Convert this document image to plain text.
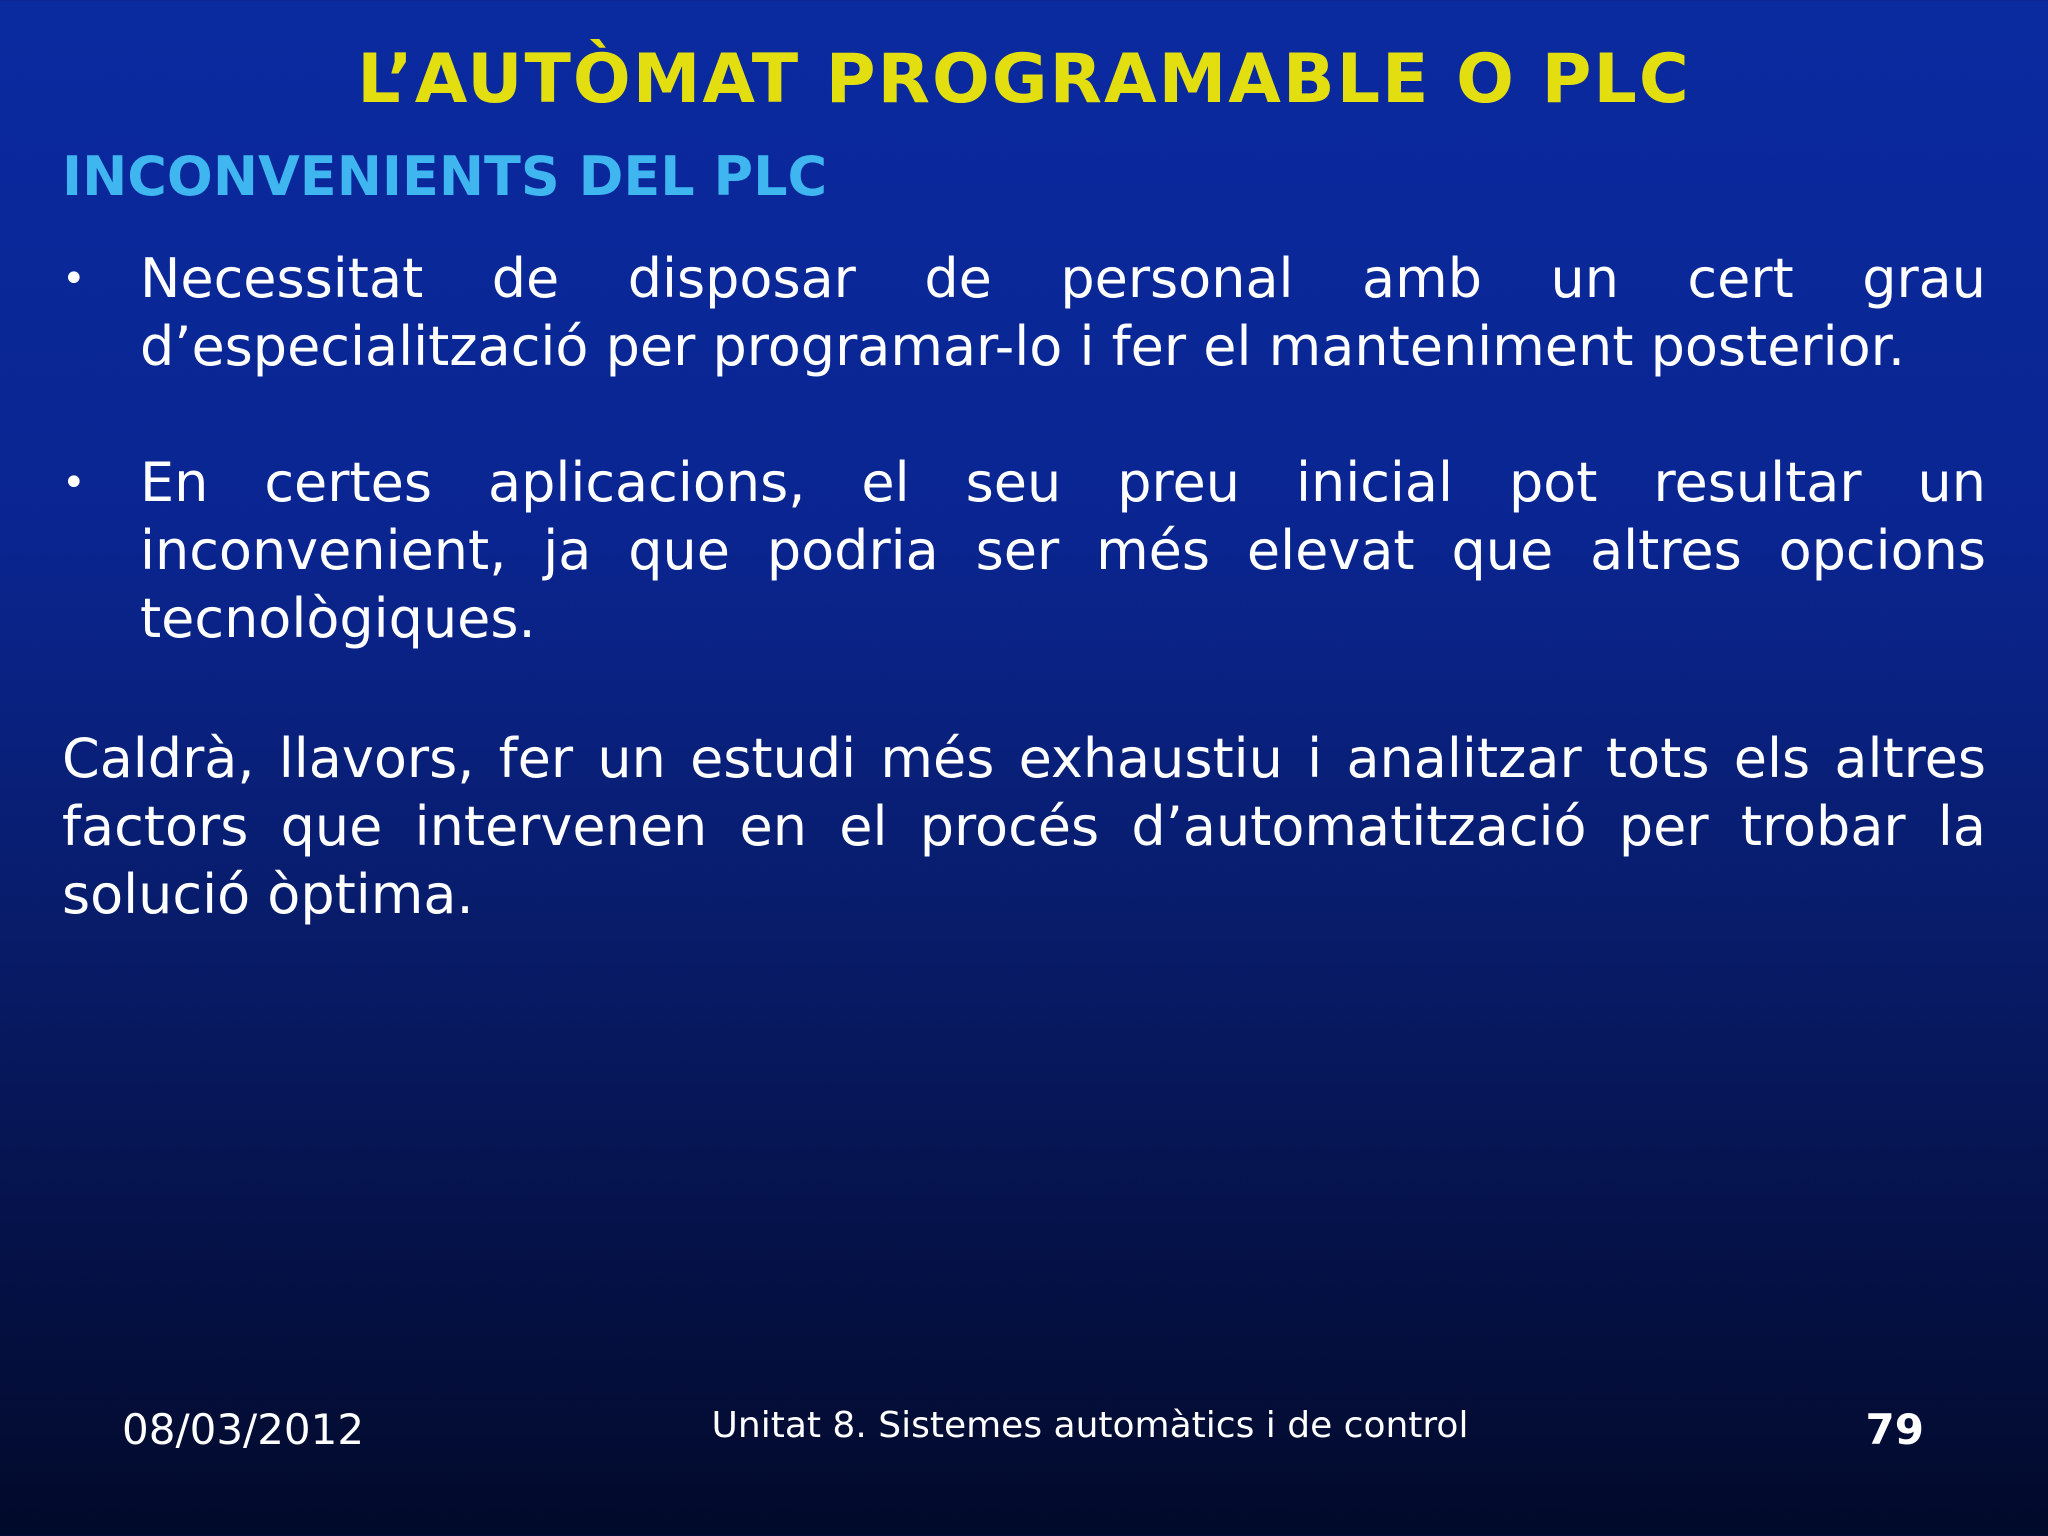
L’AUTÒMAT PROGRAMABLE O PLC
INCONVENIENTS DEL PLC
•	Necessitat de disposar de personal amb un cert grau d’especialització per programar-lo i fer el manteniment posterior.
•	En certes aplicacions, el seu preu inicial pot resultar un inconvenient, ja que podria ser més elevat que altres opcions tecnològiques.

Caldrà, llavors, fer un estudi més exhaustiu i analitzar tots els altres factors que intervenen en el procés d’automatització per trobar la solució òptima.

08/03/2012	Unitat 8. Sistemes automàtics i de control	79
